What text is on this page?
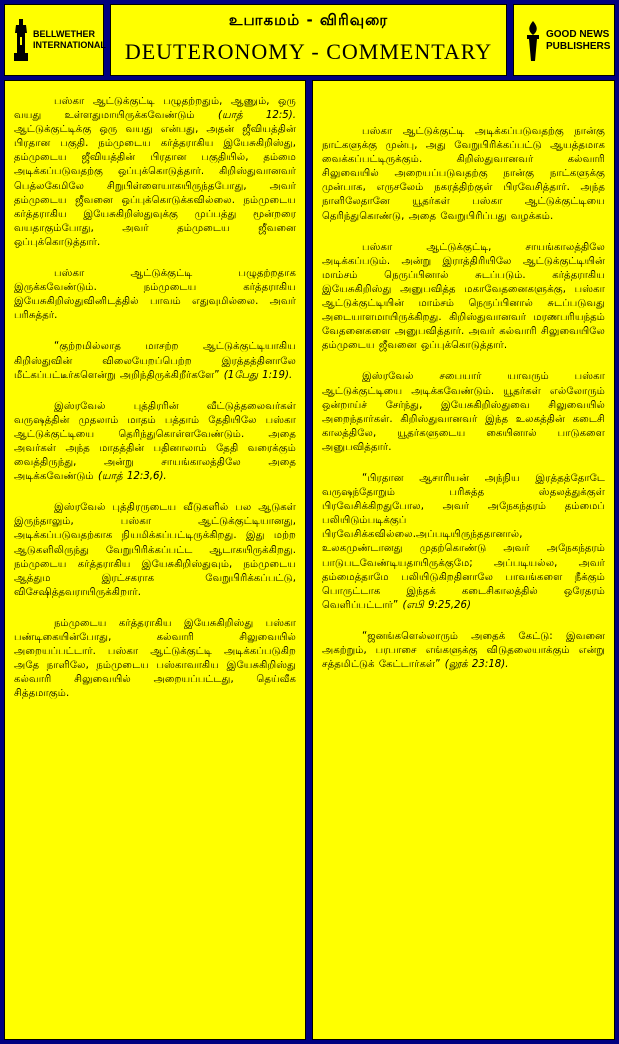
BELLWETHER
INTERNATIONAL
உபாகமம் - விரிவுரை
DEUTERONOMY - COMMENTARY
GOOD NEWS
PUBLISHERS

பஸ்கா ஆட்டுக்குட்டி பழுதற்றதும், ஆணும், ஒரு வயது உள்ளதுமாயிருக்கவேண்டும் (யாத் 12:5). ஆட்டுக்குட்டிக்கு ஒரு வயது என்பது, அதன் ஜீவியத்தின் பிரதான பகுதி. நம்முடைய கர்த்தராகிய இயேசுகிறிஸ்து, தம்முடைய ஜீவியத்தின் பிரதான பகுதியில், தம்மை அடிக்கப்படுவதற்கு ஒப்புக்கொடுத்தார். கிறிஸ்துவானவர் பெத்லகேமிலே சிறுபிள்ளையாகயிருந்தபோது, அவர் தம்முடைய ஜீவனை ஒப்புக்கொடுக்கவில்லை. நம்முடைய கர்த்தராகிய இயேசுகிறிஸ்துவுக்கு முப்பத்து மூன்றரை வயதாகும்போது, அவர் தம்முடைய ஜீவனை ஒப்புக்கொடுத்தார்.

பஸ்கா ஆட்டுக்குட்டி பழுதற்றதாக இருக்கவேண்டும். நம்முடைய கர்த்தராகிய இயேசுகிறிஸ்துவினிடத்தில் பாவம் எதுவுமில்லை. அவர் பரிசுத்தர்.

“குற்றமில்லாத மாசற்ற ஆட்டுக்குட்டியாகிய கிறிஸ்துவின் விலையேறப்பெற்ற இரத்தத்தினாலே மீட்கப்பட்டீர்களென்று அறிந்திருக்கிறீர்களே” (1பேது 1:19).

இஸ்ரவேல் புத்திரரின் வீட்டுத்தலைவர்கள் வருஷத்தின் முதலாம் மாதம் பத்தாம் தேதியிலே பஸ்கா ஆட்டுக்குட்டியை தெரிந்துகொள்ளவேண்டும். அதை அவர்கள் அந்த மாதத்தின் பதினாலாம் தேதி வரைக்கும் வைத்திருந்து, அன்று சாயங்காலத்திலே அதை அடிக்கவேண்டும் (யாத் 12:3,6).

இஸ்ரவேல் புத்திரருடைய வீடுகளில் பல ஆடுகள் இருந்தாலும், பஸ்கா ஆட்டுக்குட்டியானது, அடிக்கப்படுவதற்காக நியமிக்கப்பட்டிருக்கிறது. இது மற்ற ஆடுகளிலிருந்து வேறுபிரிக்கப்பட்ட ஆடாகயிருக்கிறது. நம்முடைய கர்த்தராகிய இயேசுகிறிஸ்துவும், நம்முடைய ஆத்தும இரட்சகராக வேறுபிரிக்கப்பட்டு, விசேஷித்தவராயிருக்கிறார்.

நம்முடைய கர்த்தராகிய இயேசுகிறிஸ்து பஸ்கா பண்டிகையின்போது, கல்வாரி சிலுவையில் அறையப்பட்டார். பஸ்கா ஆட்டுக்குட்டி அடிக்கப்படுகிற அதே நாளிலே, நம்முடைய பஸ்காவாகிய இயேசுகிறிஸ்து கல்வாரி சிலுவையில் அறையப்பட்டது, தெய்வீக சித்தமாகும்.

பஸ்கா ஆட்டுக்குட்டி அடிக்கப்படுவதற்கு நான்கு நாட்களுக்கு முன்பு, அது வேறுபிரிக்கப்பட்டு ஆயத்தமாக வைக்கப்பட்டிருக்கும். கிறிஸ்துவானவர் கல்வாரி சிலுவையில் அறையப்படுவதற்கு நான்கு நாட்களுக்கு முன்பாக, எருசலேம் நகரத்திற்குள் பிரவேசித்தார். அந்த நாளிலேதானே யூதர்கள் பஸ்கா ஆட்டுக்குட்டியை தெரிந்துகொண்டு, அதை வேறுபிரிப்பது வழக்கம்.

பஸ்கா ஆட்டுக்குட்டி, சாயங்காலத்திலே அடிக்கப்படும். அன்று இராத்திரியிலே ஆட்டுக்குட்டியின் மாம்சம் நெருப்பினால் சுடப்படும். கர்த்தராகிய இயேசுகிறிஸ்து அனுபவித்த மகாவேதனைகளுக்கு, பஸ்கா ஆட்டுக்குட்டியின் மாம்சம் நெருப்பினால் சுடப்படுவது அடையாளமாயிருக்கிறது. கிறிஸ்துவானவர் மரணபரியந்தம் வேதனைகளை அனுபவித்தார். அவர் கல்வாரி சிலுவையிலே தம்முடைய ஜீவனை ஒப்புக்கொடுத்தார்.

இஸ்ரவேல் சபையார் யாவரும் பஸ்கா ஆட்டுக்குட்டியை அடிக்கவேண்டும். யூதர்கள் எல்லோரும் ஒன்றாய்ச் சேர்ந்து, இயேசுகிறிஸ்துவை சிலுவையில் அறைந்தார்கள். கிறிஸ்துவானவர் இந்த உலகத்தின் கடைசி காலத்திலே, யூதர்களுடைய கையினால் பாடுகளை அனுபவித்தார்.

“பிரதான ஆசாரியன் அந்நிய இரத்தத்தோடே வருஷந்தோறும் பரிசுத்த ஸ்தலத்துக்குள் பிரவேசிக்கிறதுபோல, அவர் அநேகந்தரம் தம்மைப் பலியிடும்படிக்குப் பிரவேசிக்கவில்லை.அப்படியிருந்ததானால், உலகமுண்டானது முதற்கொண்டு அவர் அநேகந்தரம் பாடுபடவேண்டியதாயிருக்குமே; அப்படியல்ல, அவர் தம்மைத்தாமே பலியிடுகிறதினாலே பாவங்களை நீக்கும் பொருட்டாக இந்தக் கடைசிகாலத்தில் ஒரேதரம் வெளிப்பட்டார்” (எபி 9:25,26)

“ஜனங்களெல்லாரும் அதைக் கேட்டு: இவனை அகற்றும், பரபாசை எங்களுக்கு விடுதலையாக்கும் என்று சத்தமிட்டுக் கேட்டார்கள்” (லூக் 23:18).
